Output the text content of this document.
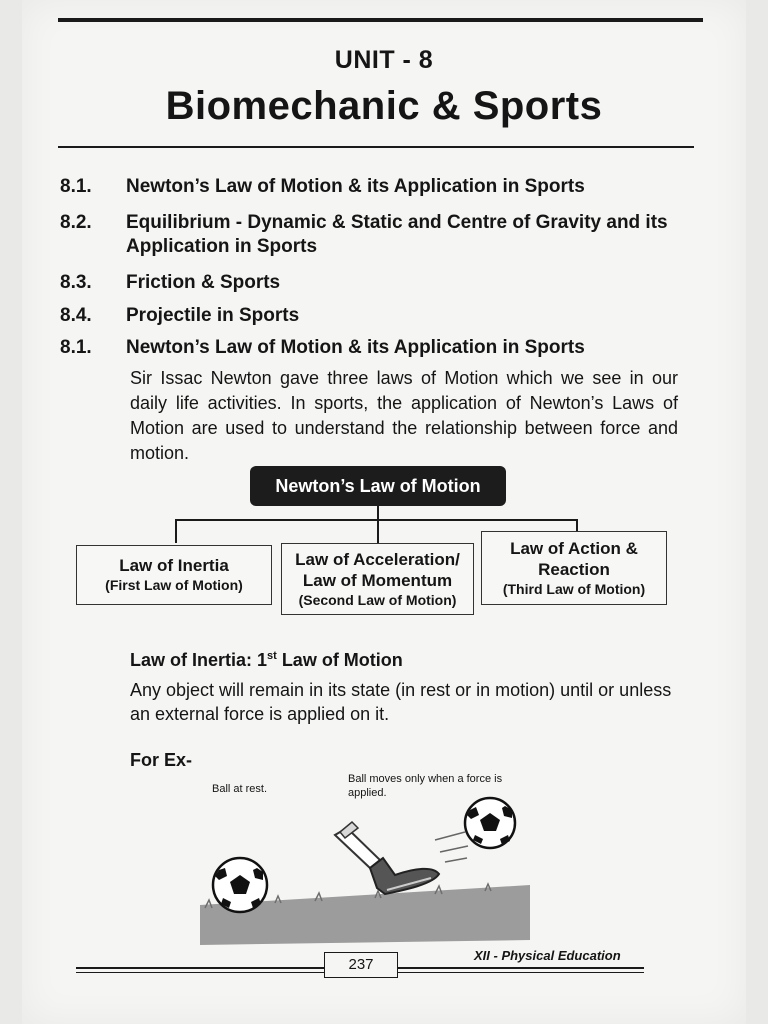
UNIT - 8
Biomechanic & Sports
8.1.	Newton’s Law of Motion & its Application in Sports
8.2.	Equilibrium - Dynamic & Static and Centre of Gravity and its Application in Sports
8.3.	Friction & Sports
8.4.	Projectile in Sports
8.1.	Newton’s Law of Motion & its Application in Sports
Sir Issac Newton gave three laws of Motion which we see in our daily life activities. In sports, the application of Newton’s Laws of Motion are used to understand the relationship between force and motion.
Newton’s Law of Motion
Law of Inertia
(First Law of Motion)
Law of Acceleration/ Law of Momentum
(Second Law of Motion)
Law of Action & Reaction
(Third Law of Motion)
Law of Inertia: 1st Law of Motion
Any object will remain in its state (in rest or in motion) until or unless an external force is applied on it.
For Ex-
Ball at rest.
Ball moves only when a force is applied.
237
XII - Physical Education
